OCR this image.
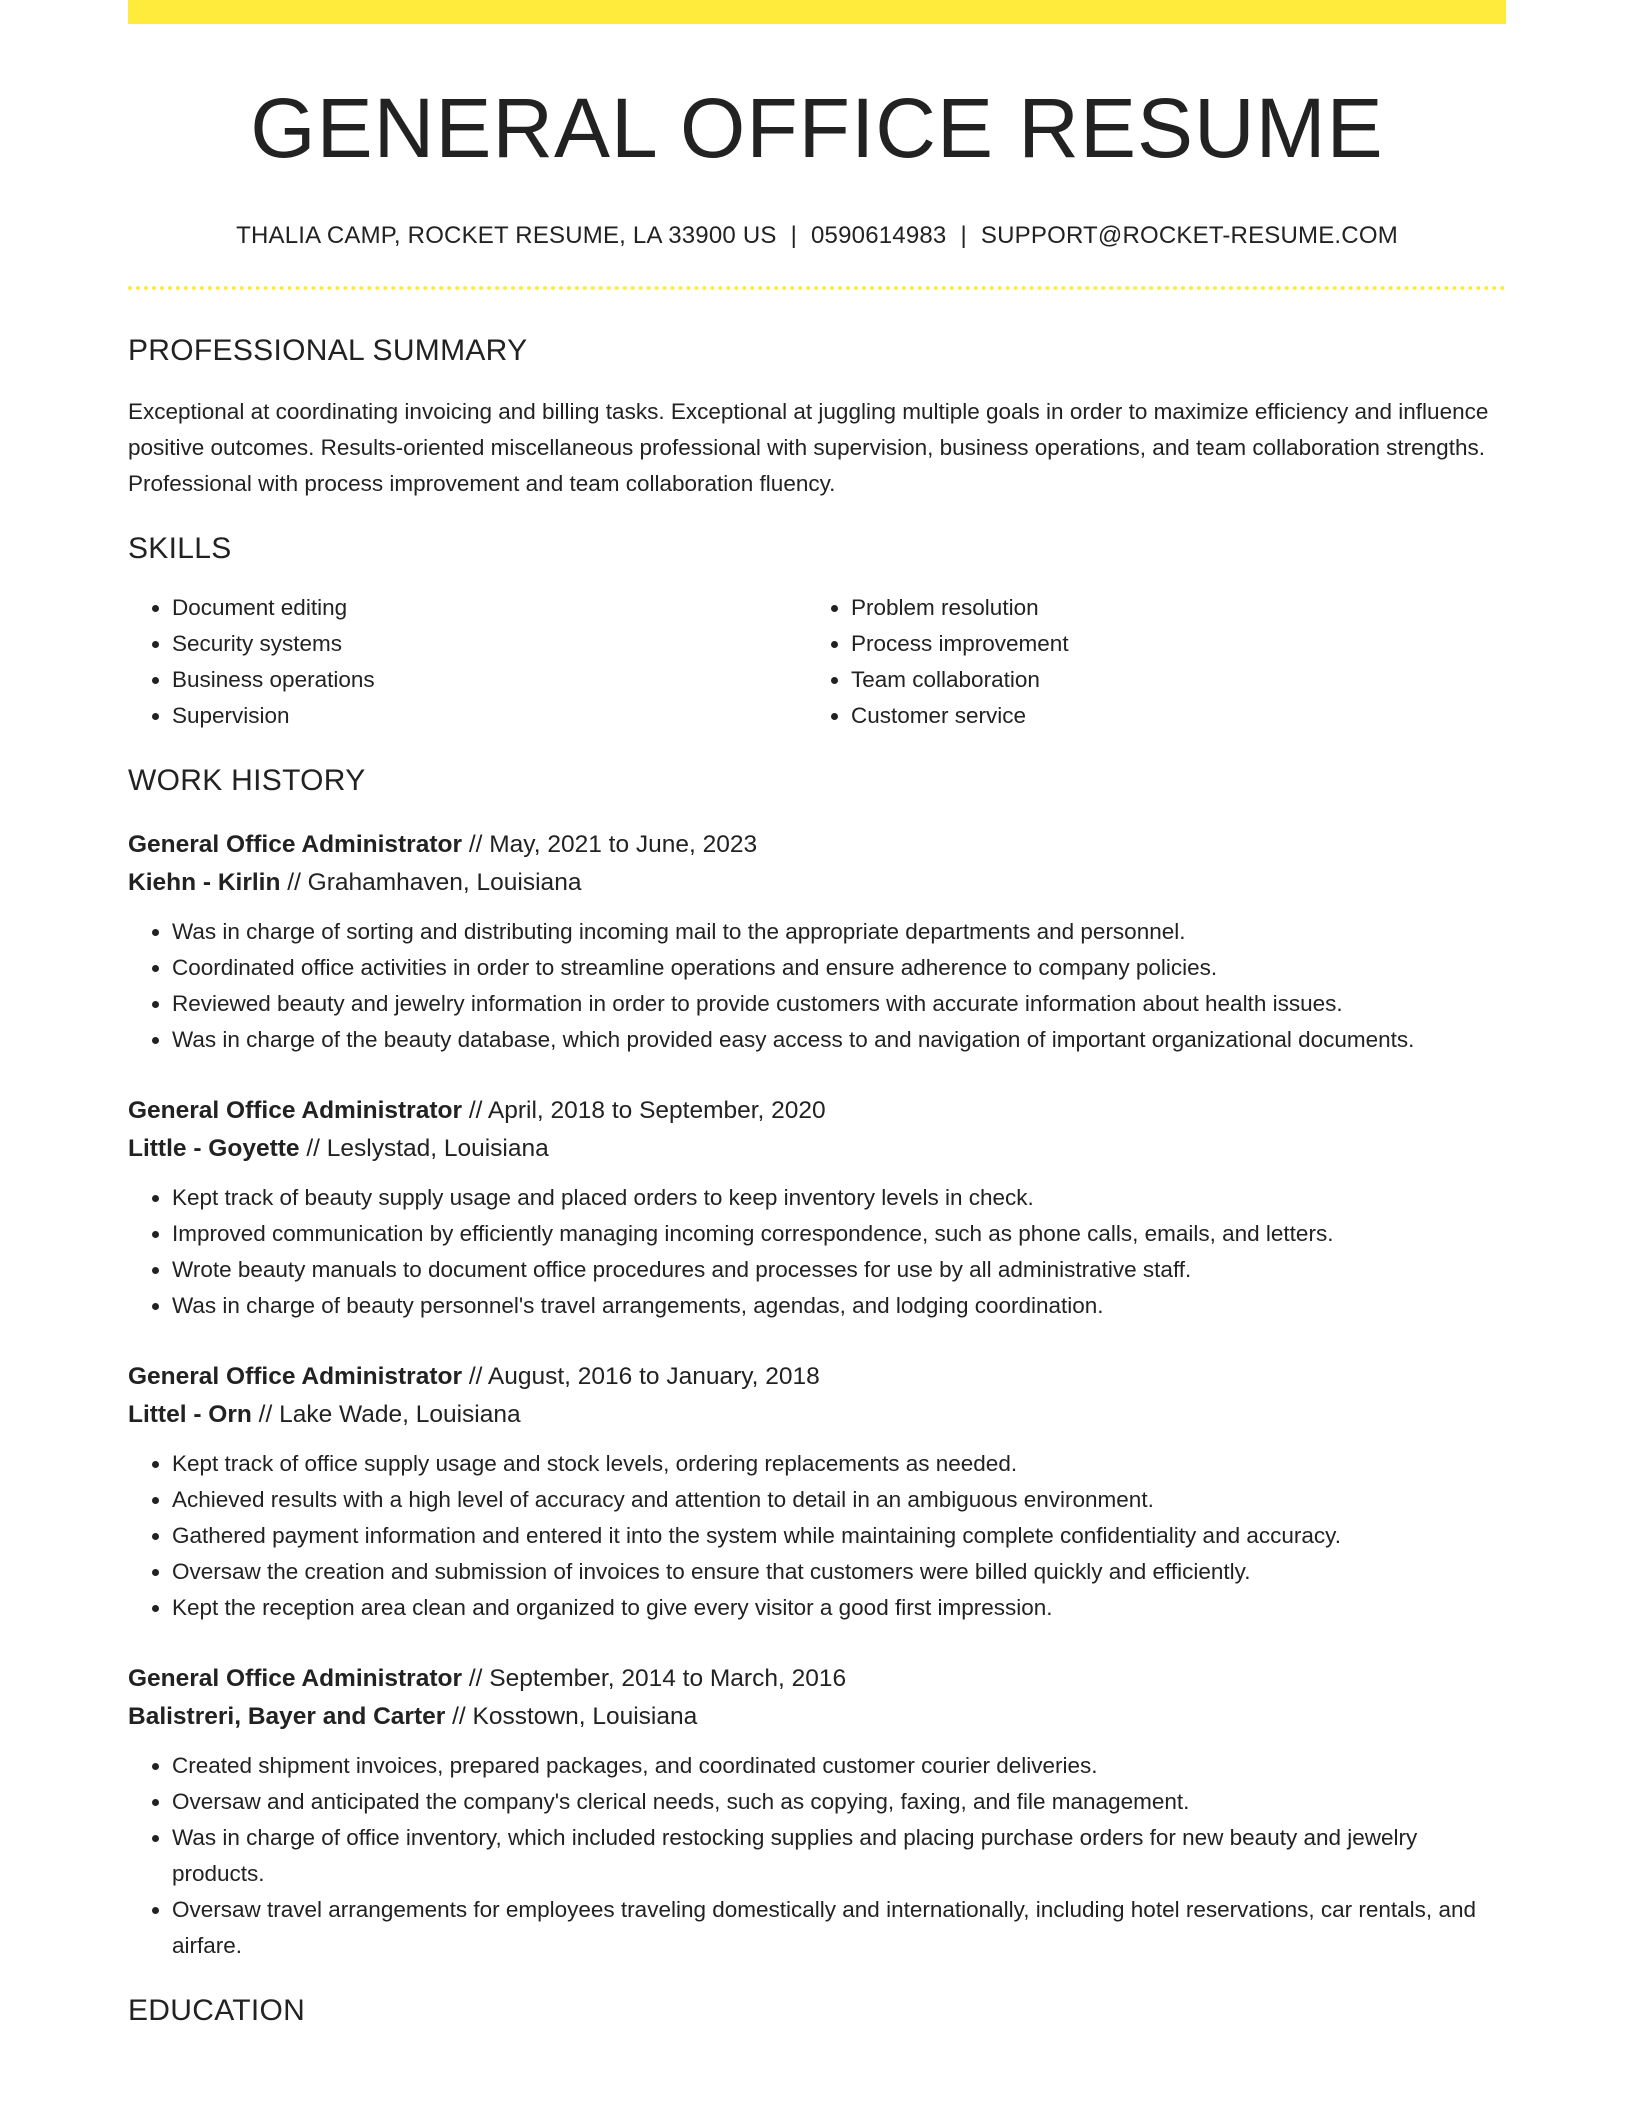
GENERAL OFFICE RESUME
THALIA CAMP, ROCKET RESUME, LA 33900 US | 0590614983 | SUPPORT@ROCKET-RESUME.COM
PROFESSIONAL SUMMARY
Exceptional at coordinating invoicing and billing tasks. Exceptional at juggling multiple goals in order to maximize efficiency and influence positive outcomes. Results-oriented miscellaneous professional with supervision, business operations, and team collaboration strengths. Professional with process improvement and team collaboration fluency.
SKILLS
• Document editing
• Security systems
• Business operations
• Supervision
• Problem resolution
• Process improvement
• Team collaboration
• Customer service
WORK HISTORY
General Office Administrator // May, 2021 to June, 2023
Kiehn - Kirlin // Grahamhaven, Louisiana
• Was in charge of sorting and distributing incoming mail to the appropriate departments and personnel.
• Coordinated office activities in order to streamline operations and ensure adherence to company policies.
• Reviewed beauty and jewelry information in order to provide customers with accurate information about health issues.
• Was in charge of the beauty database, which provided easy access to and navigation of important organizational documents.
General Office Administrator // April, 2018 to September, 2020
Little - Goyette // Leslystad, Louisiana
• Kept track of beauty supply usage and placed orders to keep inventory levels in check.
• Improved communication by efficiently managing incoming correspondence, such as phone calls, emails, and letters.
• Wrote beauty manuals to document office procedures and processes for use by all administrative staff.
• Was in charge of beauty personnel's travel arrangements, agendas, and lodging coordination.
General Office Administrator // August, 2016 to January, 2018
Littel - Orn // Lake Wade, Louisiana
• Kept track of office supply usage and stock levels, ordering replacements as needed.
• Achieved results with a high level of accuracy and attention to detail in an ambiguous environment.
• Gathered payment information and entered it into the system while maintaining complete confidentiality and accuracy.
• Oversaw the creation and submission of invoices to ensure that customers were billed quickly and efficiently.
• Kept the reception area clean and organized to give every visitor a good first impression.
General Office Administrator // September, 2014 to March, 2016
Balistreri, Bayer and Carter // Kosstown, Louisiana
• Created shipment invoices, prepared packages, and coordinated customer courier deliveries.
• Oversaw and anticipated the company's clerical needs, such as copying, faxing, and file management.
• Was in charge of office inventory, which included restocking supplies and placing purchase orders for new beauty and jewelry products.
• Oversaw travel arrangements for employees traveling domestically and internationally, including hotel reservations, car rentals, and airfare.
EDUCATION
